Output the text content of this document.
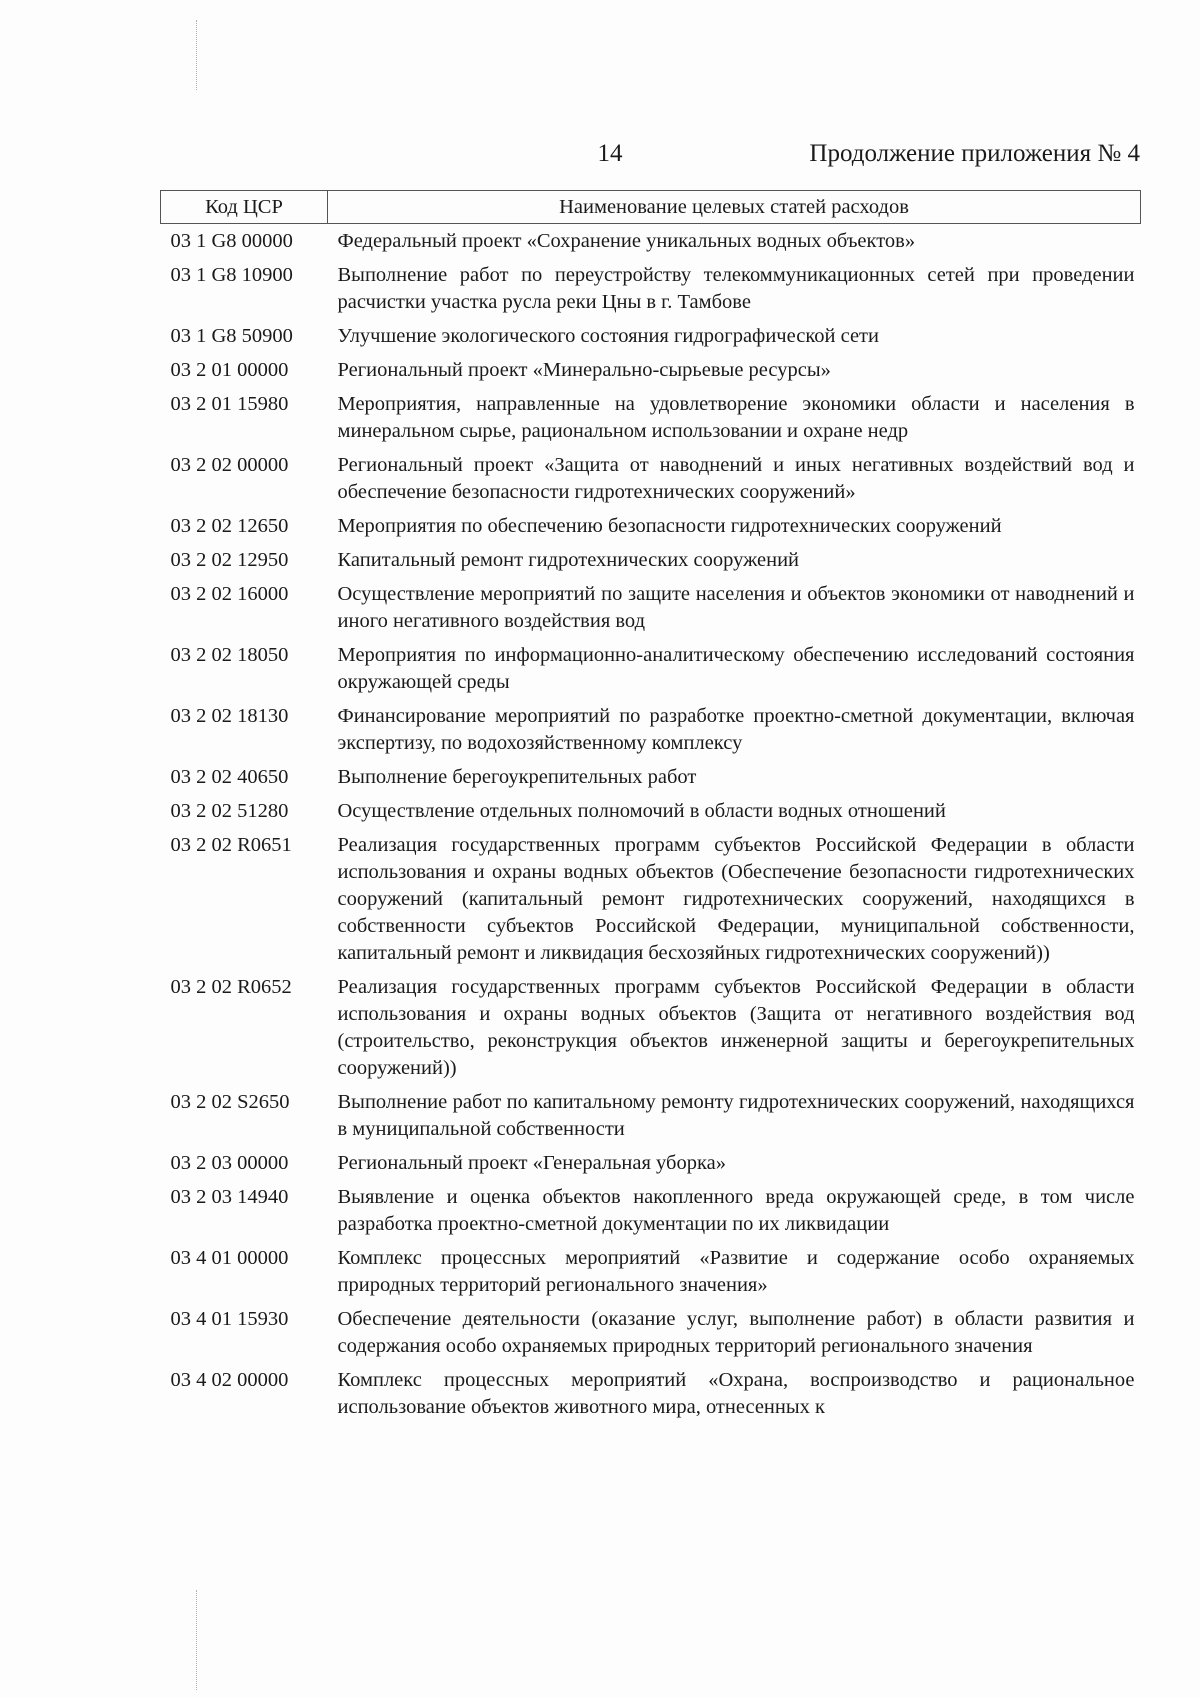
14	Продолжение приложения № 4
Код ЦСР	Наименование целевых статей расходов
03 1 G8 00000	Федеральный проект «Сохранение уникальных водных объектов»
03 1 G8 10900	Выполнение работ по переустройству телекоммуникационных сетей при проведении расчистки участка русла реки Цны в г. Тамбове
03 1 G8 50900	Улучшение экологического состояния гидрографической сети
03 2 01 00000	Региональный проект «Минерально-сырьевые ресурсы»
03 2 01 15980	Мероприятия, направленные на удовлетворение экономики области и населения в минеральном сырье, рациональном использовании и охране недр
03 2 02 00000	Региональный проект «Защита от наводнений и иных негативных воздействий вод и обеспечение безопасности гидротехнических сооружений»
03 2 02 12650	Мероприятия по обеспечению безопасности гидротехнических сооружений
03 2 02 12950	Капитальный ремонт гидротехнических сооружений
03 2 02 16000	Осуществление мероприятий по защите населения и объектов экономики от наводнений и иного негативного воздействия вод
03 2 02 18050	Мероприятия по информационно-аналитическому обеспечению исследований состояния окружающей среды
03 2 02 18130	Финансирование мероприятий по разработке проектно-сметной документации, включая экспертизу, по водохозяйственному комплексу
03 2 02 40650	Выполнение берегоукрепительных работ
03 2 02 51280	Осуществление отдельных полномочий в области водных отношений
03 2 02 R0651	Реализация государственных программ субъектов Российской Федерации в области использования и охраны водных объектов (Обеспечение безопасности гидротехнических сооружений (капитальный ремонт гидротехнических сооружений, находящихся в собственности субъектов Российской Федерации, муниципальной собственности, капитальный ремонт и ликвидация бесхозяйных гидротехнических сооружений))
03 2 02 R0652	Реализация государственных программ субъектов Российской Федерации в области использования и охраны водных объектов (Защита от негативного воздействия вод (строительство, реконструкция объектов инженерной защиты и берегоукрепительных сооружений))
03 2 02 S2650	Выполнение работ по капитальному ремонту гидротехнических сооружений, находящихся в муниципальной собственности
03 2 03 00000	Региональный проект «Генеральная уборка»
03 2 03 14940	Выявление и оценка объектов накопленного вреда окружающей среде, в том числе разработка проектно-сметной документации по их ликвидации
03 4 01 00000	Комплекс процессных мероприятий «Развитие и содержание особо охраняемых природных территорий регионального значения»
03 4 01 15930	Обеспечение деятельности (оказание услуг, выполнение работ) в области развития и содержания особо охраняемых природных территорий регионального значения
03 4 02 00000	Комплекс процессных мероприятий «Охрана, воспроизводство и рациональное использование объектов животного мира, отнесенных к
